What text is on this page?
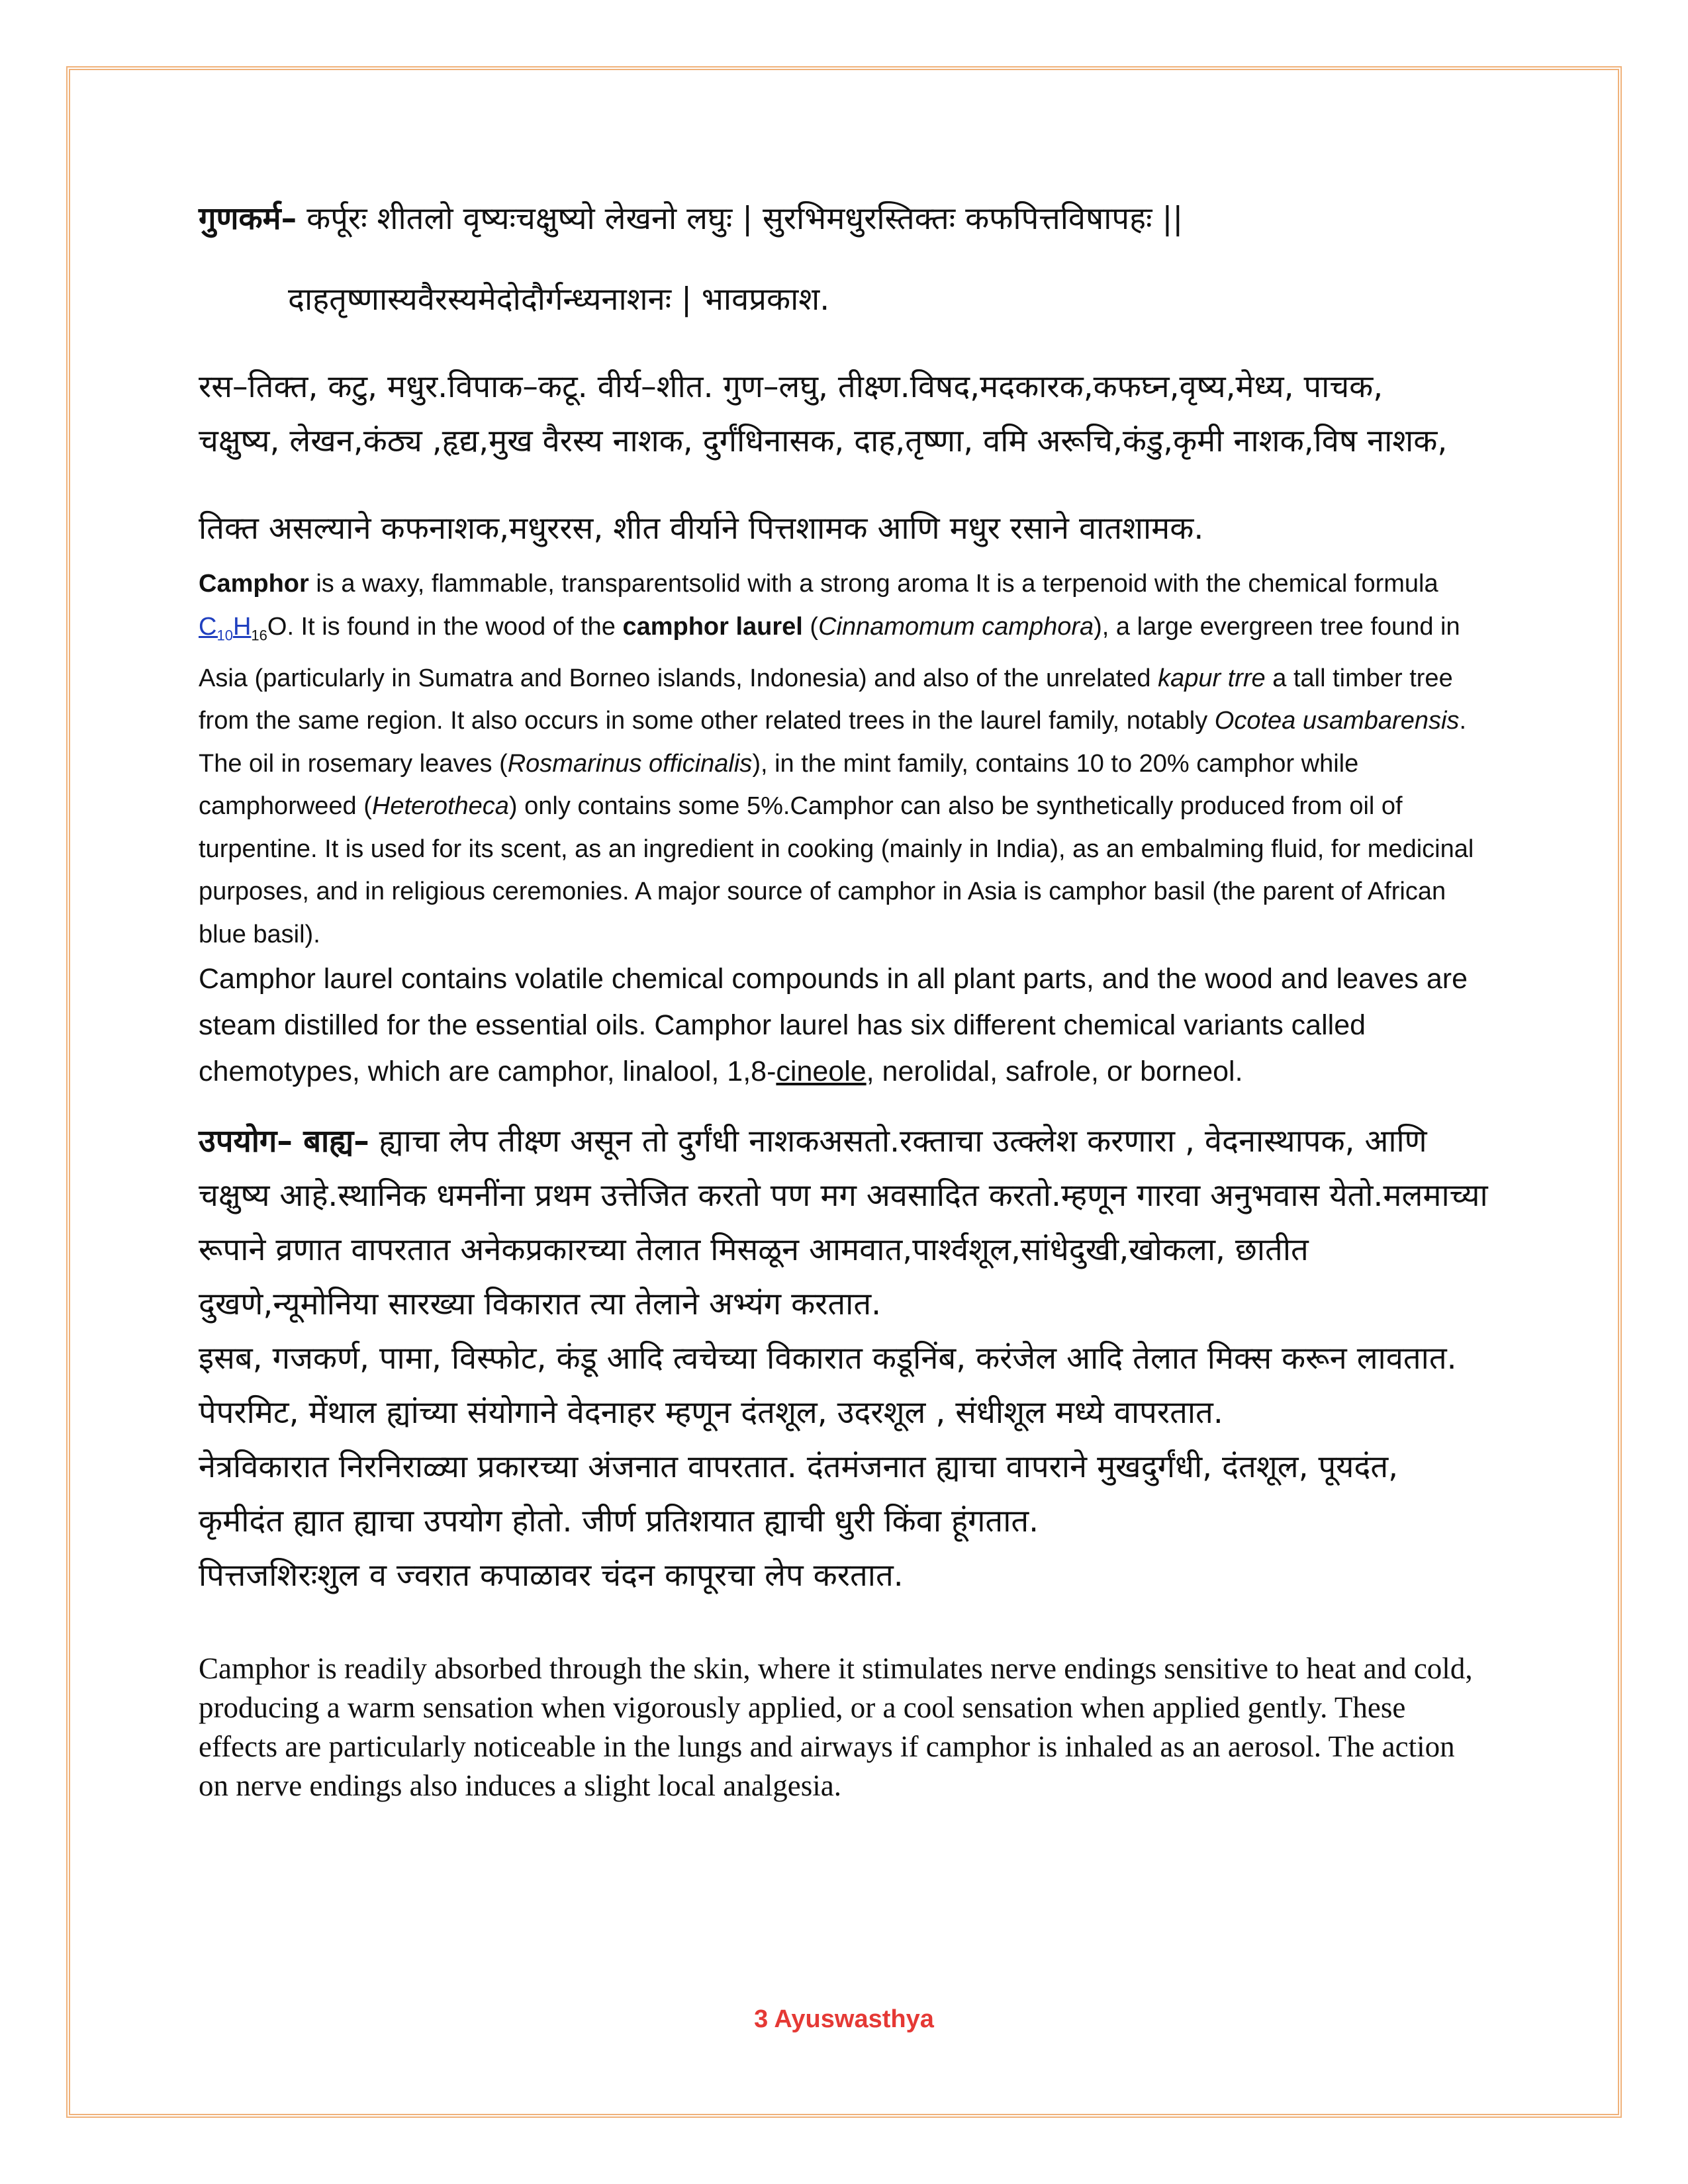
गुणकर्म– कर्पूरः शीतलो वृष्यःचक्षुष्यो लेखनो लघुः | सुरभिमधुरस्तिक्तः कफपित्तविषापहः ||

दाहतृष्णास्यवैरस्यमेदोदौर्गन्ध्यनाशनः | भावप्रकाश.

रस–तिक्त, कटु, मधुर.विपाक–कटू. वीर्य–शीत. गुण–लघु, तीक्ष्ण.विषद,मदकारक,कफघ्न,वृष्य,मेध्य, पाचक,

चक्षुष्य, लेखन,कंठ्य ,हृद्य,मुख वैरस्य नाशक, दुर्गंधिनासक, दाह,तृष्णा, वमि अरूचि,कंडु,कृमी नाशक,विष नाशक,

तिक्त असल्याने कफनाशक,मधुररस, शीत वीर्याने पित्तशामक आणि मधुर रसाने वातशामक.

Camphor is a waxy, flammable, transparentsolid with a strong aroma It is a terpenoid with the chemical formula $C_{10}H_{16}O$. It is found in the wood of the camphor laurel (Cinnamomum camphora), a large evergreen tree found in Asia (particularly in Sumatra and Borneo islands, Indonesia) and also of the unrelated kapur trre a tall timber tree from the same region. It also occurs in some other related trees in the laurel family, notably Ocotea usambarensis. The oil in rosemary leaves (Rosmarinus officinalis), in the mint family, contains 10 to 20% camphor while camphorweed (Heterotheca) only contains some 5%.Camphor can also be synthetically produced from oil of turpentine. It is used for its scent, as an ingredient in cooking (mainly in India), as an embalming fluid, for medicinal purposes, and in religious ceremonies. A major source of camphor in Asia is camphor basil (the parent of African blue basil).

Camphor laurel contains volatile chemical compounds in all plant parts, and the wood and leaves are steam distilled for the essential oils. Camphor laurel has six different chemical variants called chemotypes, which are camphor, linalool, 1,8-cineole, nerolidal, safrole, or borneol.

उपयोग– बाह्य– ह्याचा लेप तीक्ष्ण असून तो दुर्गंधी नाशकअसतो.रक्ताचा उत्क्लेश करणारा , वेदनास्थापक, आणि चक्षुष्य आहे.स्थानिक धमनींना प्रथम उत्तेजित करतो पण मग अवसादित करतो.म्हणून गारवा अनुभवास येतो.मलमाच्या रूपाने व्रणात वापरतात अनेकप्रकारच्या तेलात मिसळून आमवात,पार्श्वशूल,सांधेदुखी,खोकला, छातीत दुखणे,न्यूमोनिया सारख्या विकारात त्या तेलाने अभ्यंग करतात.

इसब, गजकर्ण, पामा, विस्फोट, कंडू आदि त्वचेच्या विकारात कडूनिंब, करंजेल आदि तेलात मिक्स करून लावतात.

पेपरमिट, मेंथाल ह्यांच्या संयोगाने वेदनाहर म्हणून दंतशूल, उदरशूल , संधीशूल मध्ये वापरतात.

नेत्रविकारात निरनिराळ्या प्रकारच्या अंजनात वापरतात. दंतमंजनात ह्याचा वापराने मुखदुर्गंधी, दंतशूल, पूयदंत, कृमीदंत ह्यात ह्याचा उपयोग होतो. जीर्ण प्रतिशयात ह्याची धुरी किंवा हूंगतात.

पित्तजशिरःशुल व ज्वरात कपाळावर चंदन कापूरचा लेप करतात.

Camphor is readily absorbed through the skin, where it stimulates nerve endings sensitive to heat and cold, producing a warm sensation when vigorously applied, or a cool sensation when applied gently. These effects are particularly noticeable in the lungs and airways if camphor is inhaled as an aerosol. The action on nerve endings also induces a slight local analgesia.

3 Ayuswasthya
